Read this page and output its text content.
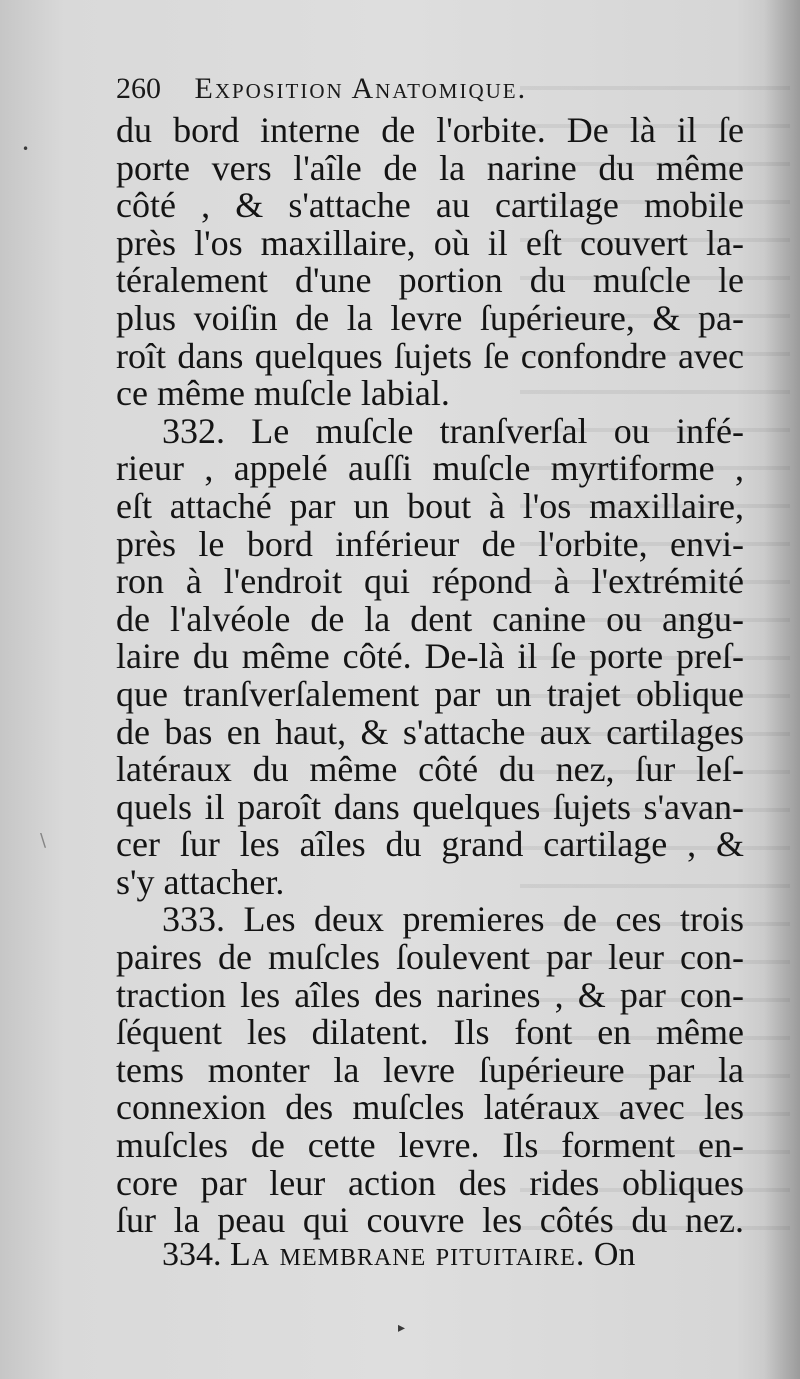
260 Exposition Anatomique.
du bord interne de l'orbite. De là il ſe
porte vers l'aîle de la narine du même
côté , & s'attache au cartilage mobile
près l'os maxillaire, où il eſt couvert la-
téralement d'une portion du muſcle le
plus voiſin de la levre ſupérieure, & pa-
roît dans quelques ſujets ſe confondre avec
ce même muſcle labial.
332. Le muſcle tranſverſal ou infé-
rieur , appelé auſſi muſcle myrtiforme ,
eſt attaché par un bout à l'os maxillaire,
près le bord inférieur de l'orbite, envi-
ron à l'endroit qui répond à l'extrémité
de l'alvéole de la dent canine ou angu-
laire du même côté. De-là il ſe porte preſ-
que tranſverſalement par un trajet oblique
de bas en haut, & s'attache aux cartilages
latéraux du même côté du nez, ſur leſ-
quels il paroît dans quelques ſujets s'avan-
cer ſur les aîles du grand cartilage , &
s'y attacher.
333. Les deux premieres de ces trois
paires de muſcles ſoulevent par leur con-
traction les aîles des narines , & par con-
ſéquent les dilatent. Ils font en même
tems monter la levre ſupérieure par la
connexion des muſcles latéraux avec les
muſcles de cette levre. Ils forment en-
core par leur action des rides obliques
ſur la peau qui couvre les côtés du nez.
334. La membrane pituitaire. On
•
\
▸
